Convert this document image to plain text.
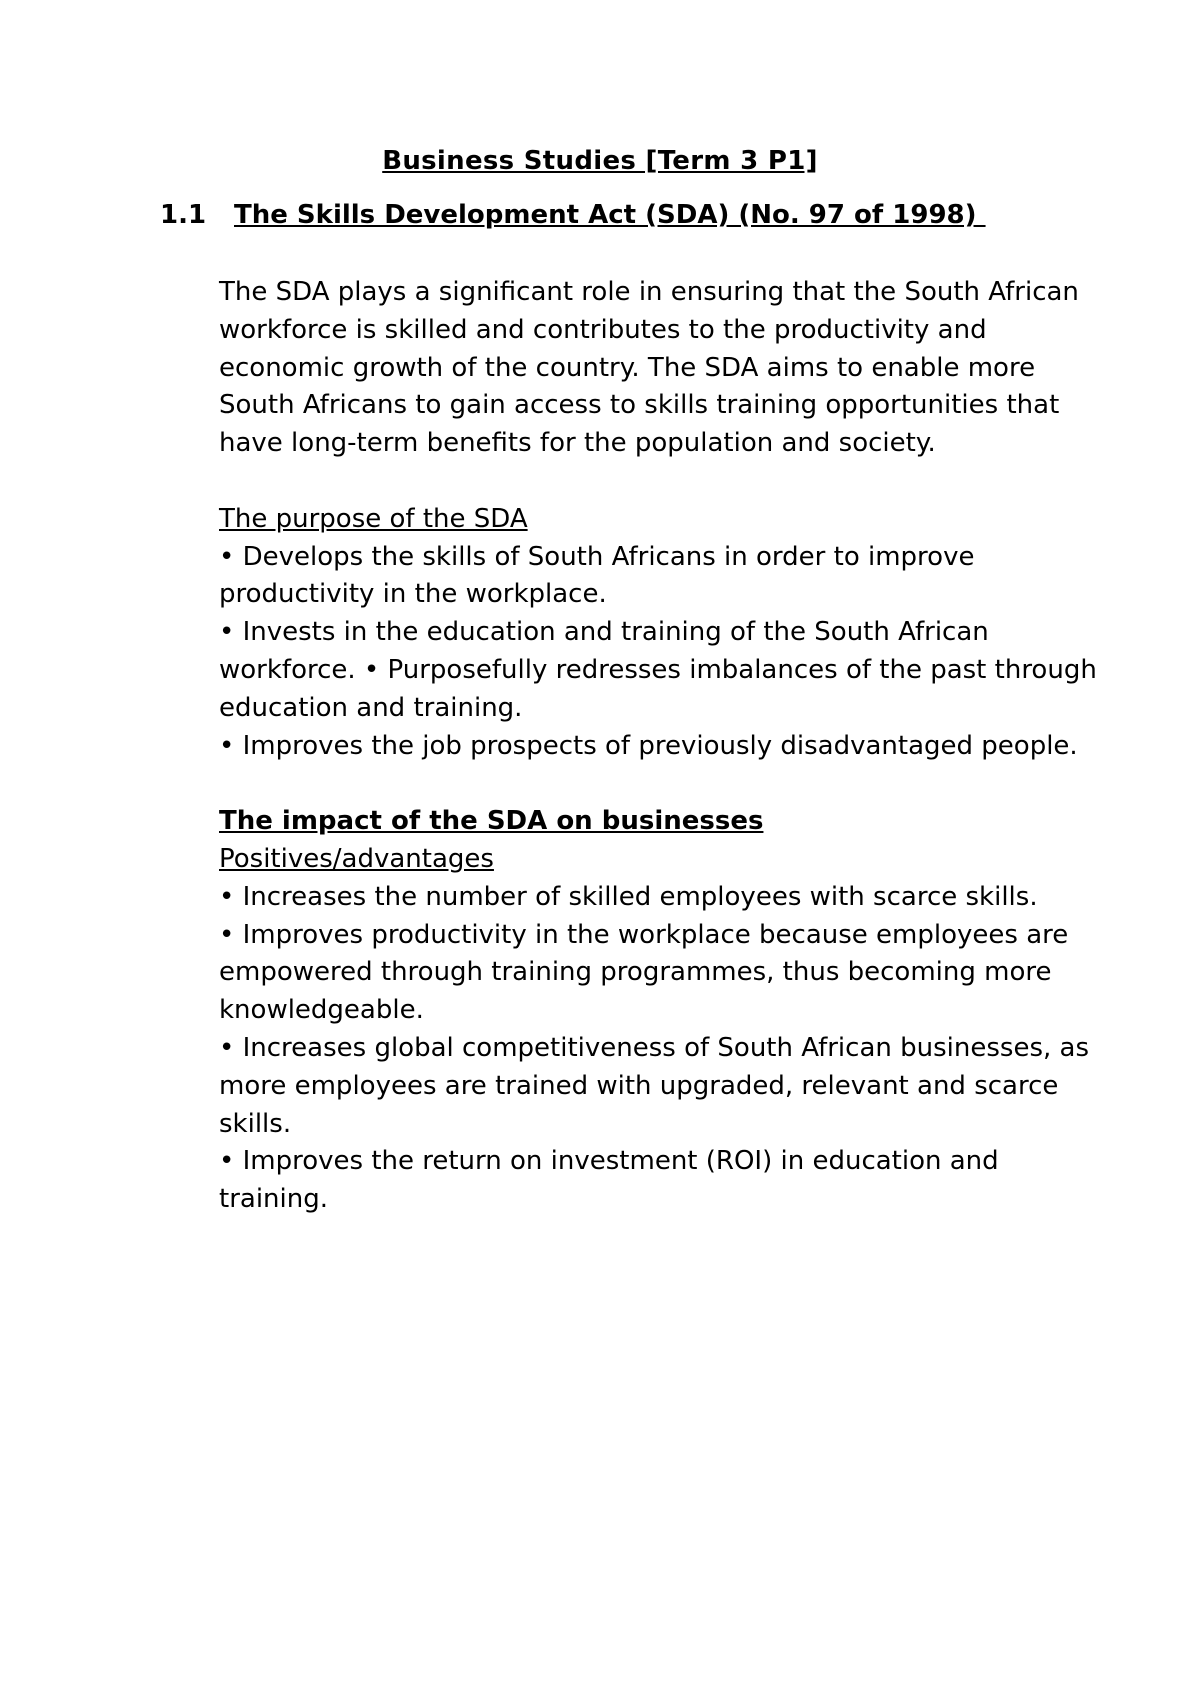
Business Studies [Term 3 P1]
1.1 The Skills Development Act (SDA) (No. 97 of 1998)

The SDA plays a significant role in ensuring that the South African workforce is skilled and contributes to the productivity and economic growth of the country. The SDA aims to enable more South Africans to gain access to skills training opportunities that have long-term benefits for the population and society.

The purpose of the SDA

• Develops the skills of South Africans in order to improve productivity in the workplace.

• Invests in the education and training of the South African workforce. • Purposefully redresses imbalances of the past through education and training.

• Improves the job prospects of previously disadvantaged people.

The impact of the SDA on businesses

Positives/advantages

• Increases the number of skilled employees with scarce skills.

• Improves productivity in the workplace because employees are empowered through training programmes, thus becoming more knowledgeable.

• Increases global competitiveness of South African businesses, as more employees are trained with upgraded, relevant and scarce skills.

• Improves the return on investment (ROI) in education and training.
